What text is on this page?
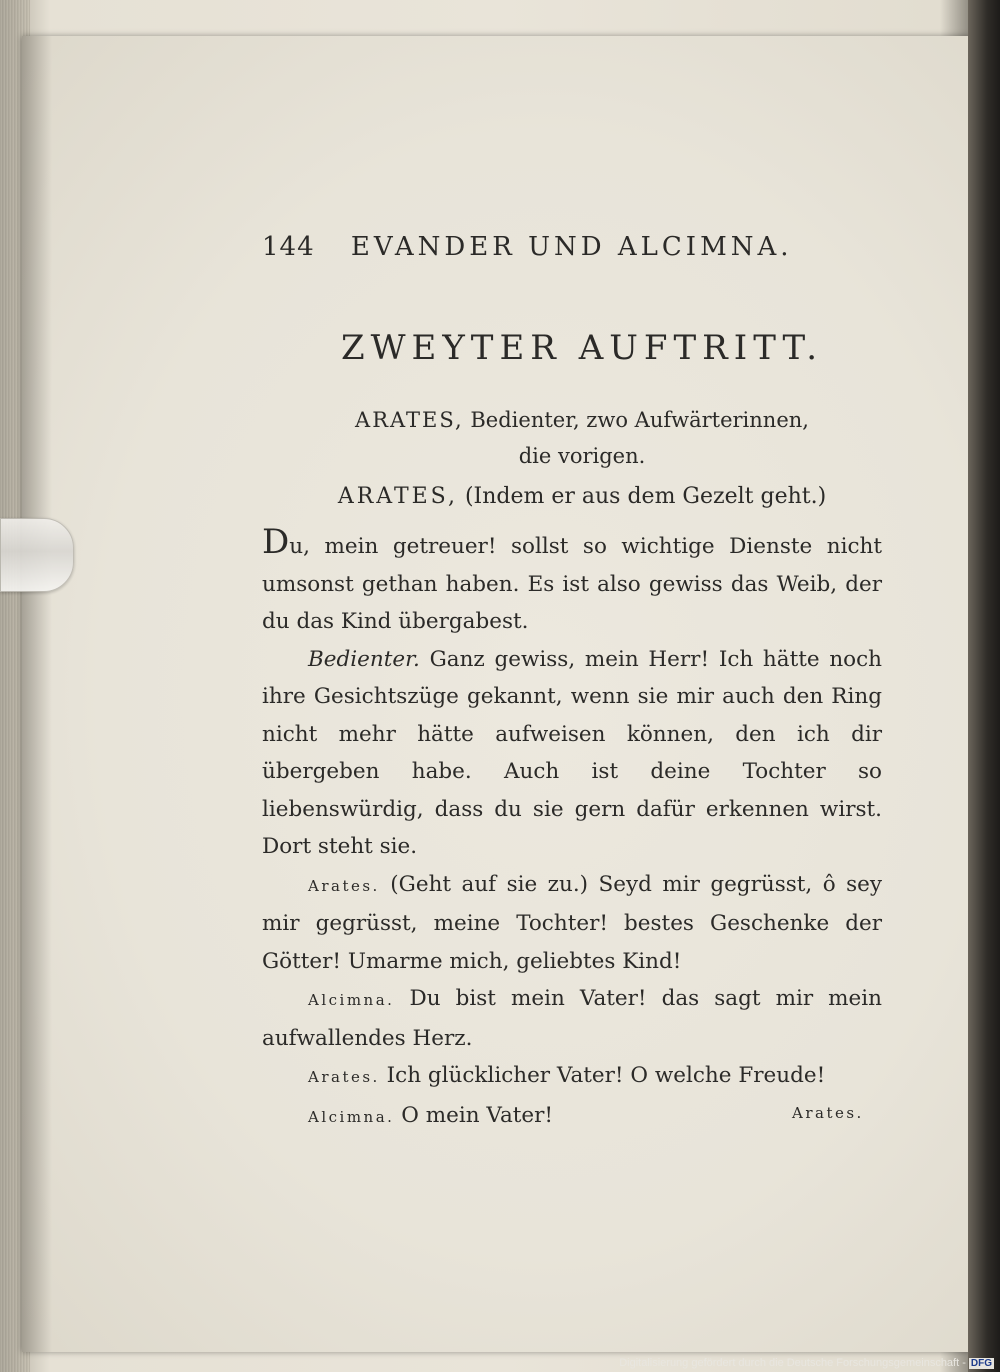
144 EVANDER UND ALCIMNA.
ZWEYTER AUFTRITT.
ARATES, Bedienter, zwo Aufwärterinnen,
die vorigen.
ARATES, (Indem er aus dem Gezelt geht.)

Du, mein getreuer! sollst so wichtige Dienste nicht umsonst gethan haben. Es ist also gewiss das Weib, der du das Kind übergabest.

Bedienter. Ganz gewiss, mein Herr! Ich hätte noch ihre Gesichtszüge gekannt, wenn sie mir auch den Ring nicht mehr hätte aufweisen können, den ich dir übergeben habe. Auch ist deine Tochter so liebenswürdig, dass du sie gern dafür erkennen wirst. Dort steht sie.

Arates. (Geht auf sie zu.) Seyd mir gegrüsst, ô sey mir gegrüsst, meine Tochter! bestes Geschenke der Götter! Umarme mich, geliebtes Kind!

Alcimna. Du bist mein Vater! das sagt mir mein aufwallendes Herz.

Arates. Ich glücklicher Vater! O welche Freude!

Alcimna. O mein Vater!	Arates.
Digitalisierung gefördert durch die Deutsche Forschungsgemeinschaft - DFG
